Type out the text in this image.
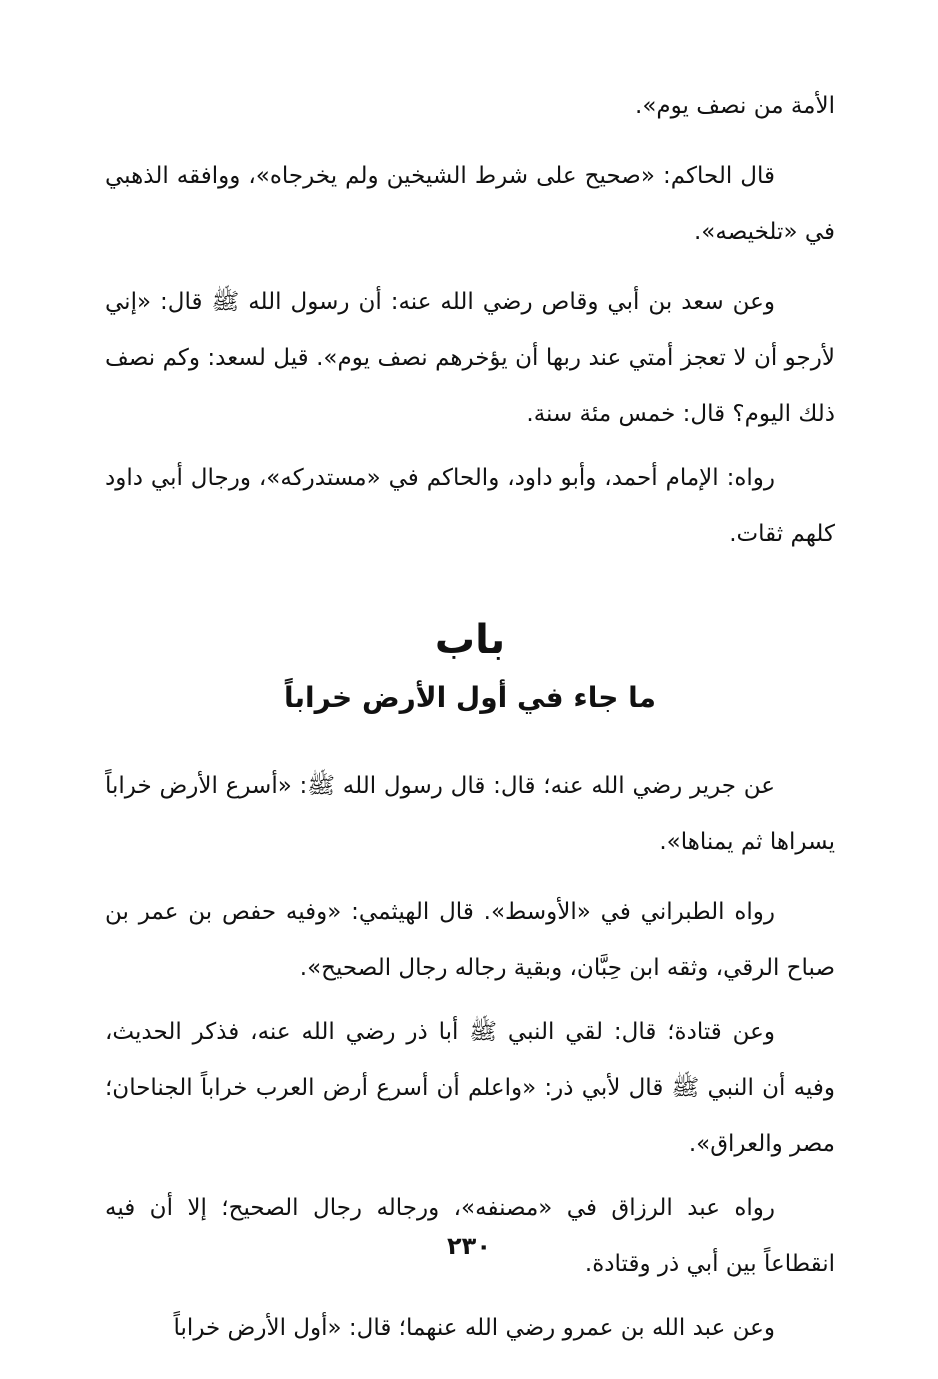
الأمة من نصف يوم».

قال الحاكم: «صحيح على شرط الشيخين ولم يخرجاه»، ووافقه الذهبي في «تلخيصه».

وعن سعد بن أبي وقاص رضي الله عنه: أن رسول الله ﷺ قال: «إني لأرجو أن لا تعجز أمتي عند ربها أن يؤخرهم نصف يوم». قيل لسعد: وكم نصف ذلك اليوم؟ قال: خمس مئة سنة.

رواه: الإمام أحمد، وأبو داود، والحاكم في «مستدركه»، ورجال أبي داود كلهم ثقات.

باب

ما جاء في أول الأرض خراباً

عن جرير رضي الله عنه؛ قال: قال رسول الله ﷺ: «أسرع الأرض خراباً يسراها ثم يمناها».

رواه الطبراني في «الأوسط». قال الهيثمي: «وفيه حفص بن عمر بن صباح الرقي، وثقه ابن حِبَّان، وبقية رجاله رجال الصحيح».

وعن قتادة؛ قال: لقي النبي ﷺ أبا ذر رضي الله عنه، فذكر الحديث، وفيه أن النبي ﷺ قال لأبي ذر: «واعلم أن أسرع أرض العرب خراباً الجناحان؛ مصر والعراق».

رواه عبد الرزاق في «مصنفه»، ورجاله رجال الصحيح؛ إلا أن فيه انقطاعاً بين أبي ذر وقتادة.

وعن عبد الله بن عمرو رضي الله عنهما؛ قال: «أول الأرض خراباً

٢٣٠
